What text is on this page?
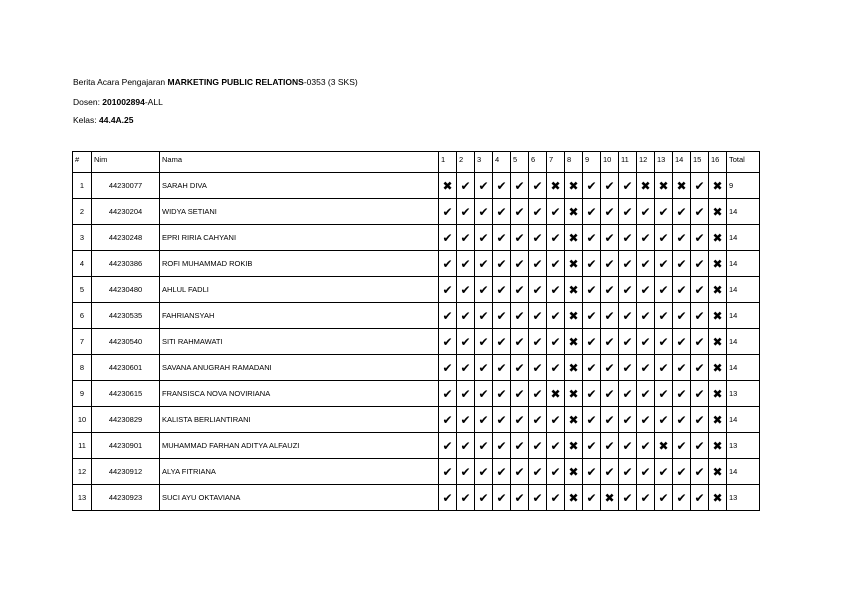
Berita Acara Pengajaran MARKETING PUBLIC RELATIONS-0353 (3 SKS)
Dosen: 201002894-ALL
Kelas: 44.4A.25
#	Nim	Nama	1	2	3	4	5	6	7	8	9	10	11	12	13	14	15	16	Total
1	44230077	SARAH DIVA	✖	✔	✔	✔	✔	✔	✖	✖	✔	✔	✔	✖	✖	✖	✔	✖	9
2	44230204	WIDYA SETIANI	✔	✔	✔	✔	✔	✔	✔	✖	✔	✔	✔	✔	✔	✔	✔	✖	14
3	44230248	EPRI RIRIA CAHYANI	✔	✔	✔	✔	✔	✔	✔	✖	✔	✔	✔	✔	✔	✔	✔	✖	14
4	44230386	ROFI MUHAMMAD ROKIB	✔	✔	✔	✔	✔	✔	✔	✖	✔	✔	✔	✔	✔	✔	✔	✖	14
5	44230480	AHLUL FADLI	✔	✔	✔	✔	✔	✔	✔	✖	✔	✔	✔	✔	✔	✔	✔	✖	14
6	44230535	FAHRIANSYAH	✔	✔	✔	✔	✔	✔	✔	✖	✔	✔	✔	✔	✔	✔	✔	✖	14
7	44230540	SITI RAHMAWATI	✔	✔	✔	✔	✔	✔	✔	✖	✔	✔	✔	✔	✔	✔	✔	✖	14
8	44230601	SAVANA ANUGRAH RAMADANI	✔	✔	✔	✔	✔	✔	✔	✖	✔	✔	✔	✔	✔	✔	✔	✖	14
9	44230615	FRANSISCA NOVA NOVIRIANA	✔	✔	✔	✔	✔	✔	✖	✖	✔	✔	✔	✔	✔	✔	✔	✖	13
10	44230829	KALISTA BERLIANTIRANI	✔	✔	✔	✔	✔	✔	✔	✖	✔	✔	✔	✔	✔	✔	✔	✖	14
11	44230901	MUHAMMAD FARHAN ADITYA ALFAUZI	✔	✔	✔	✔	✔	✔	✔	✖	✔	✔	✔	✔	✖	✔	✔	✖	13
12	44230912	ALYA FITRIANA	✔	✔	✔	✔	✔	✔	✔	✖	✔	✔	✔	✔	✔	✔	✔	✖	14
13	44230923	SUCI AYU OKTAVIANA	✔	✔	✔	✔	✔	✔	✔	✖	✔	✖	✔	✔	✔	✔	✔	✖	13
